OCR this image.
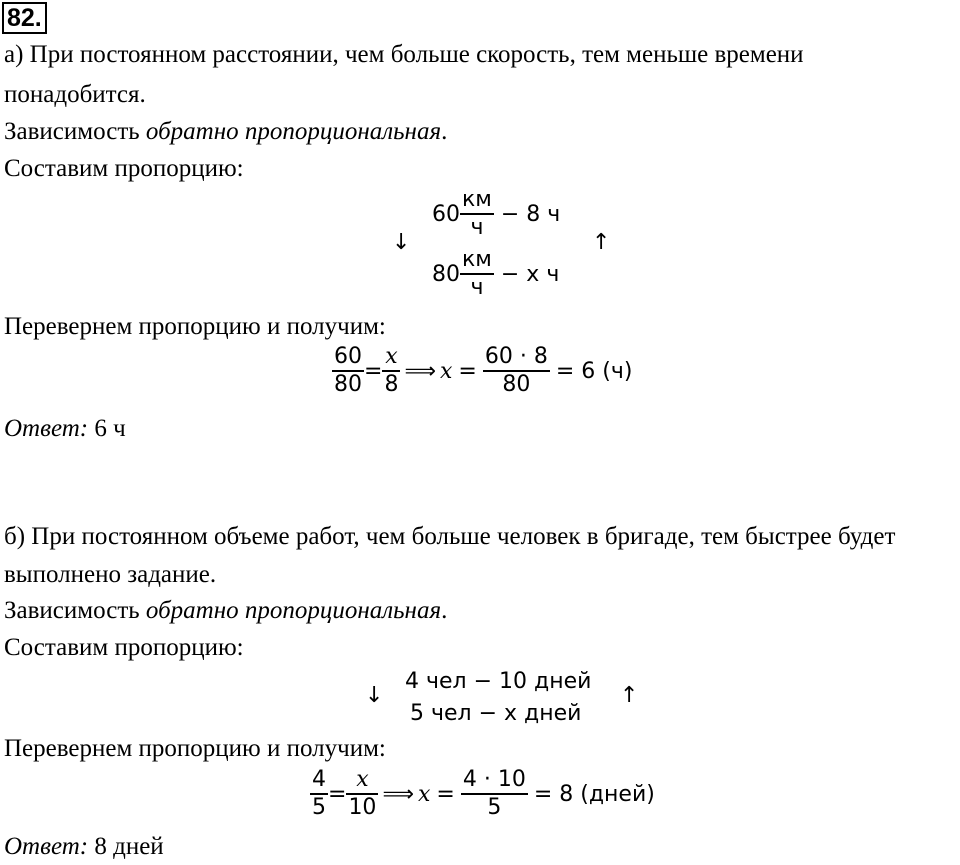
82.
а) При постоянном расстоянии, чем больше скорость, тем меньше времени
понадобится.
Зависимость обратно пропорциональная.
Составим пропорцию:
↓	↑
$60 \frac{км}{ч} - 8$ ч
$80 \frac{км}{ч} - x$ ч
Перевернем пропорцию и получим:
$\frac{60}{80} = \frac{x}{8}$ ⟹ $x = \frac{60 \cdot 8}{80} = 6$ (ч)
Ответ: 6 ч
б) При постоянном объеме работ, чем больше человек в бригаде, тем быстрее будет
выполнено задание.
Зависимость обратно пропорциональная.
Составим пропорцию:
↓	↑
4 чел − 10 дней
5 чел − x дней
Перевернем пропорцию и получим:
$\frac{4}{5} = \frac{x}{10}$ ⟹ $x = \frac{4 \cdot 10}{5} = 8$ (дней)
Ответ: 8 дней
